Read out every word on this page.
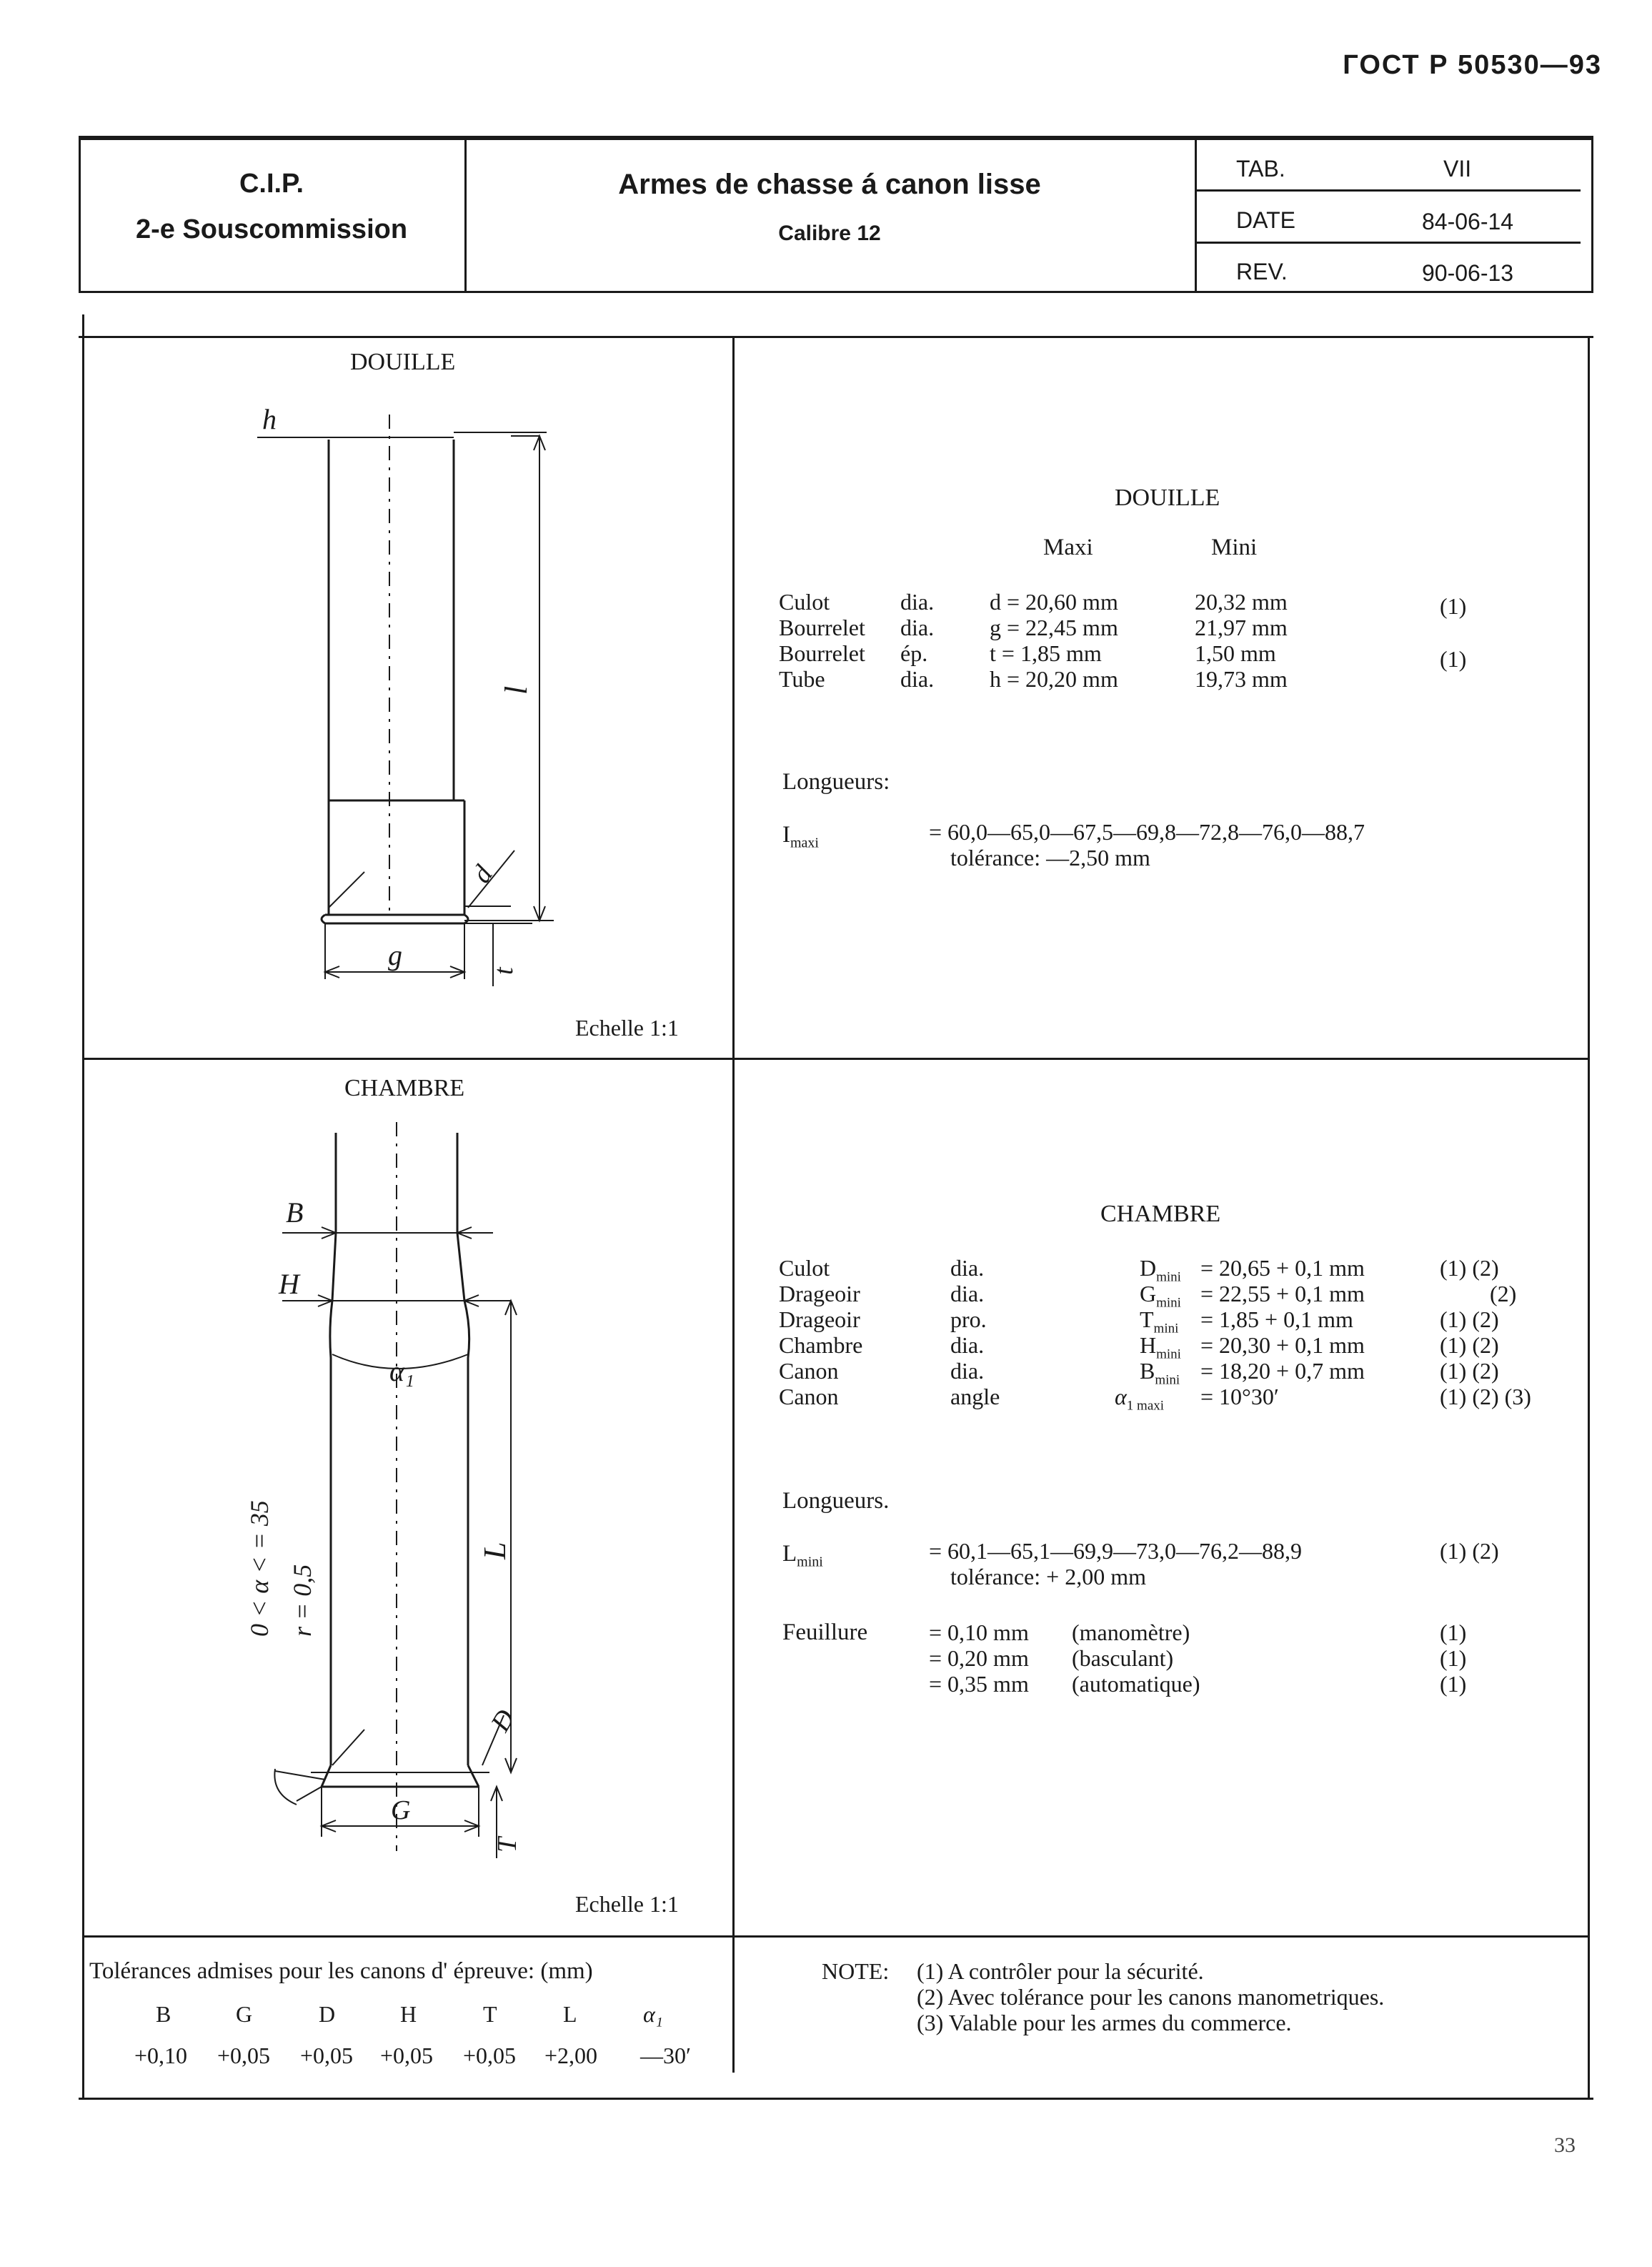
ГОСТ Р 50530—93
C.I.P.
2-e Souscommission
Armes de chasse á canon lisse
Calibre 12
TAB.	VII
DATE	84-06-14
REV.	90-06-13
DOUILLE
h
l
d
g	t
Echelle 1:1
DOUILLE
Maxi	Mini
Culot	dia. d = 20,60 mm	20,32 mm	(1)
Bourrelet dia. g = 22,45 mm	21,97 mm
Bourrelet ép.	t = 1,85 mm	1,50 mm	(1)
Tube	dia. h = 20,20 mm	19,73 mm
Longueurs:
$I_{maxi}$	= 60,0—65,0—67,5—69,8—72,8—76,0—88,7
tolérance: —2,50 mm
CHAMBRE
B
H
α₁
L
D
G
T
0 < α < = 35 r = 0,5
Echelle 1:1
CHAMBRE
Culot	dia.	$D_{mini} = 20,65 + 0,1$ mm	(1) (2)
Drageoir	dia.	$G_{mini} = 22,55 + 0,1$ mm	(2)
Drageoir	pro.	$T_{mini} = 1,85 + 0,1$ mm	(1) (2)
Chambre	dia.	$H_{mini} = 20,30 + 0,1$ mm	(1) (2)
Canon	dia.	$B_{mini} = 18,20 + 0,7$ mm	(1) (2)
Canon	angle	$\alpha_{1 maxi} = 10^\circ 30'$	(1) (2) (3)
Longueurs.
$L_{mini}$	= 60,1—65,1—69,9—73,0—76,2—88,9	(1) (2)
tolérance: + 2,00 mm
Feuillure	= 0,10 mm (manomètre)	(1)
= 0,20 mm (basculant)	(1)
= 0,35 mm (automatique)	(1)
Tolérances admises pour les canons d' épreuve: (mm)
B	G	D	H	T	L	α₁
+0,10 +0,05 +0,05 +0,05 +0,05 +2,00 —30′
NOTE: (1) A contrôler pour la sécurité.
(2) Avec tolérance pour les canons manometriques.
(3) Valable pour les armes du commerce.
33
